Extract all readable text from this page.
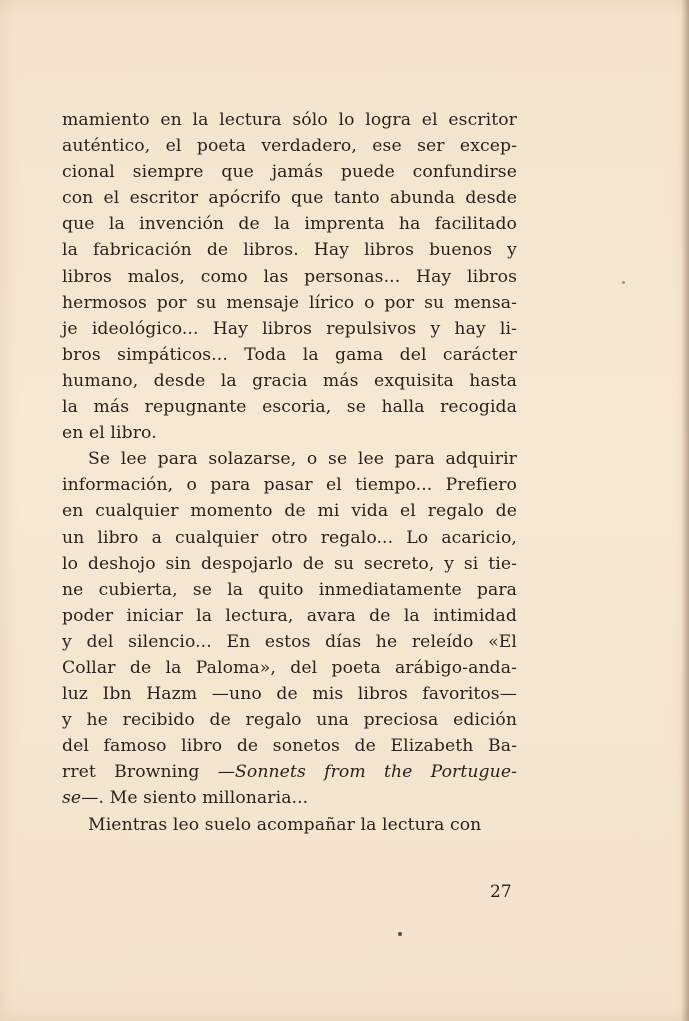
mamiento en la lectura sólo lo logra el escritor
auténtico, el poeta verdadero, ese ser excep-
cional siempre que jamás puede confundirse
con el escritor apócrifo que tanto abunda desde
que la invención de la imprenta ha facilitado
la fabricación de libros. Hay libros buenos y
libros malos, como las personas... Hay libros
hermosos por su mensaje lírico o por su mensa-
je ideológico... Hay libros repulsivos y hay li-
bros simpáticos... Toda la gama del carácter
humano, desde la gracia más exquisita hasta
la más repugnante escoria, se halla recogida
en el libro.
Se lee para solazarse, o se lee para adquirir
información, o para pasar el tiempo... Prefiero
en cualquier momento de mi vida el regalo de
un libro a cualquier otro regalo... Lo acaricio,
lo deshojo sin despojarlo de su secreto, y si tie-
ne cubierta, se la quito inmediatamente para
poder iniciar la lectura, avara de la intimidad
y del silencio... En estos días he releído «El
Collar de la Paloma», del poeta arábigo-anda-
luz Ibn Hazm —uno de mis libros favoritos—
y he recibido de regalo una preciosa edición
del famoso libro de sonetos de Elizabeth Ba-
rret Browning —Sonnets from the Portugue-
se—. Me siento millonaria...
Mientras leo suelo acompañar la lectura con
27
